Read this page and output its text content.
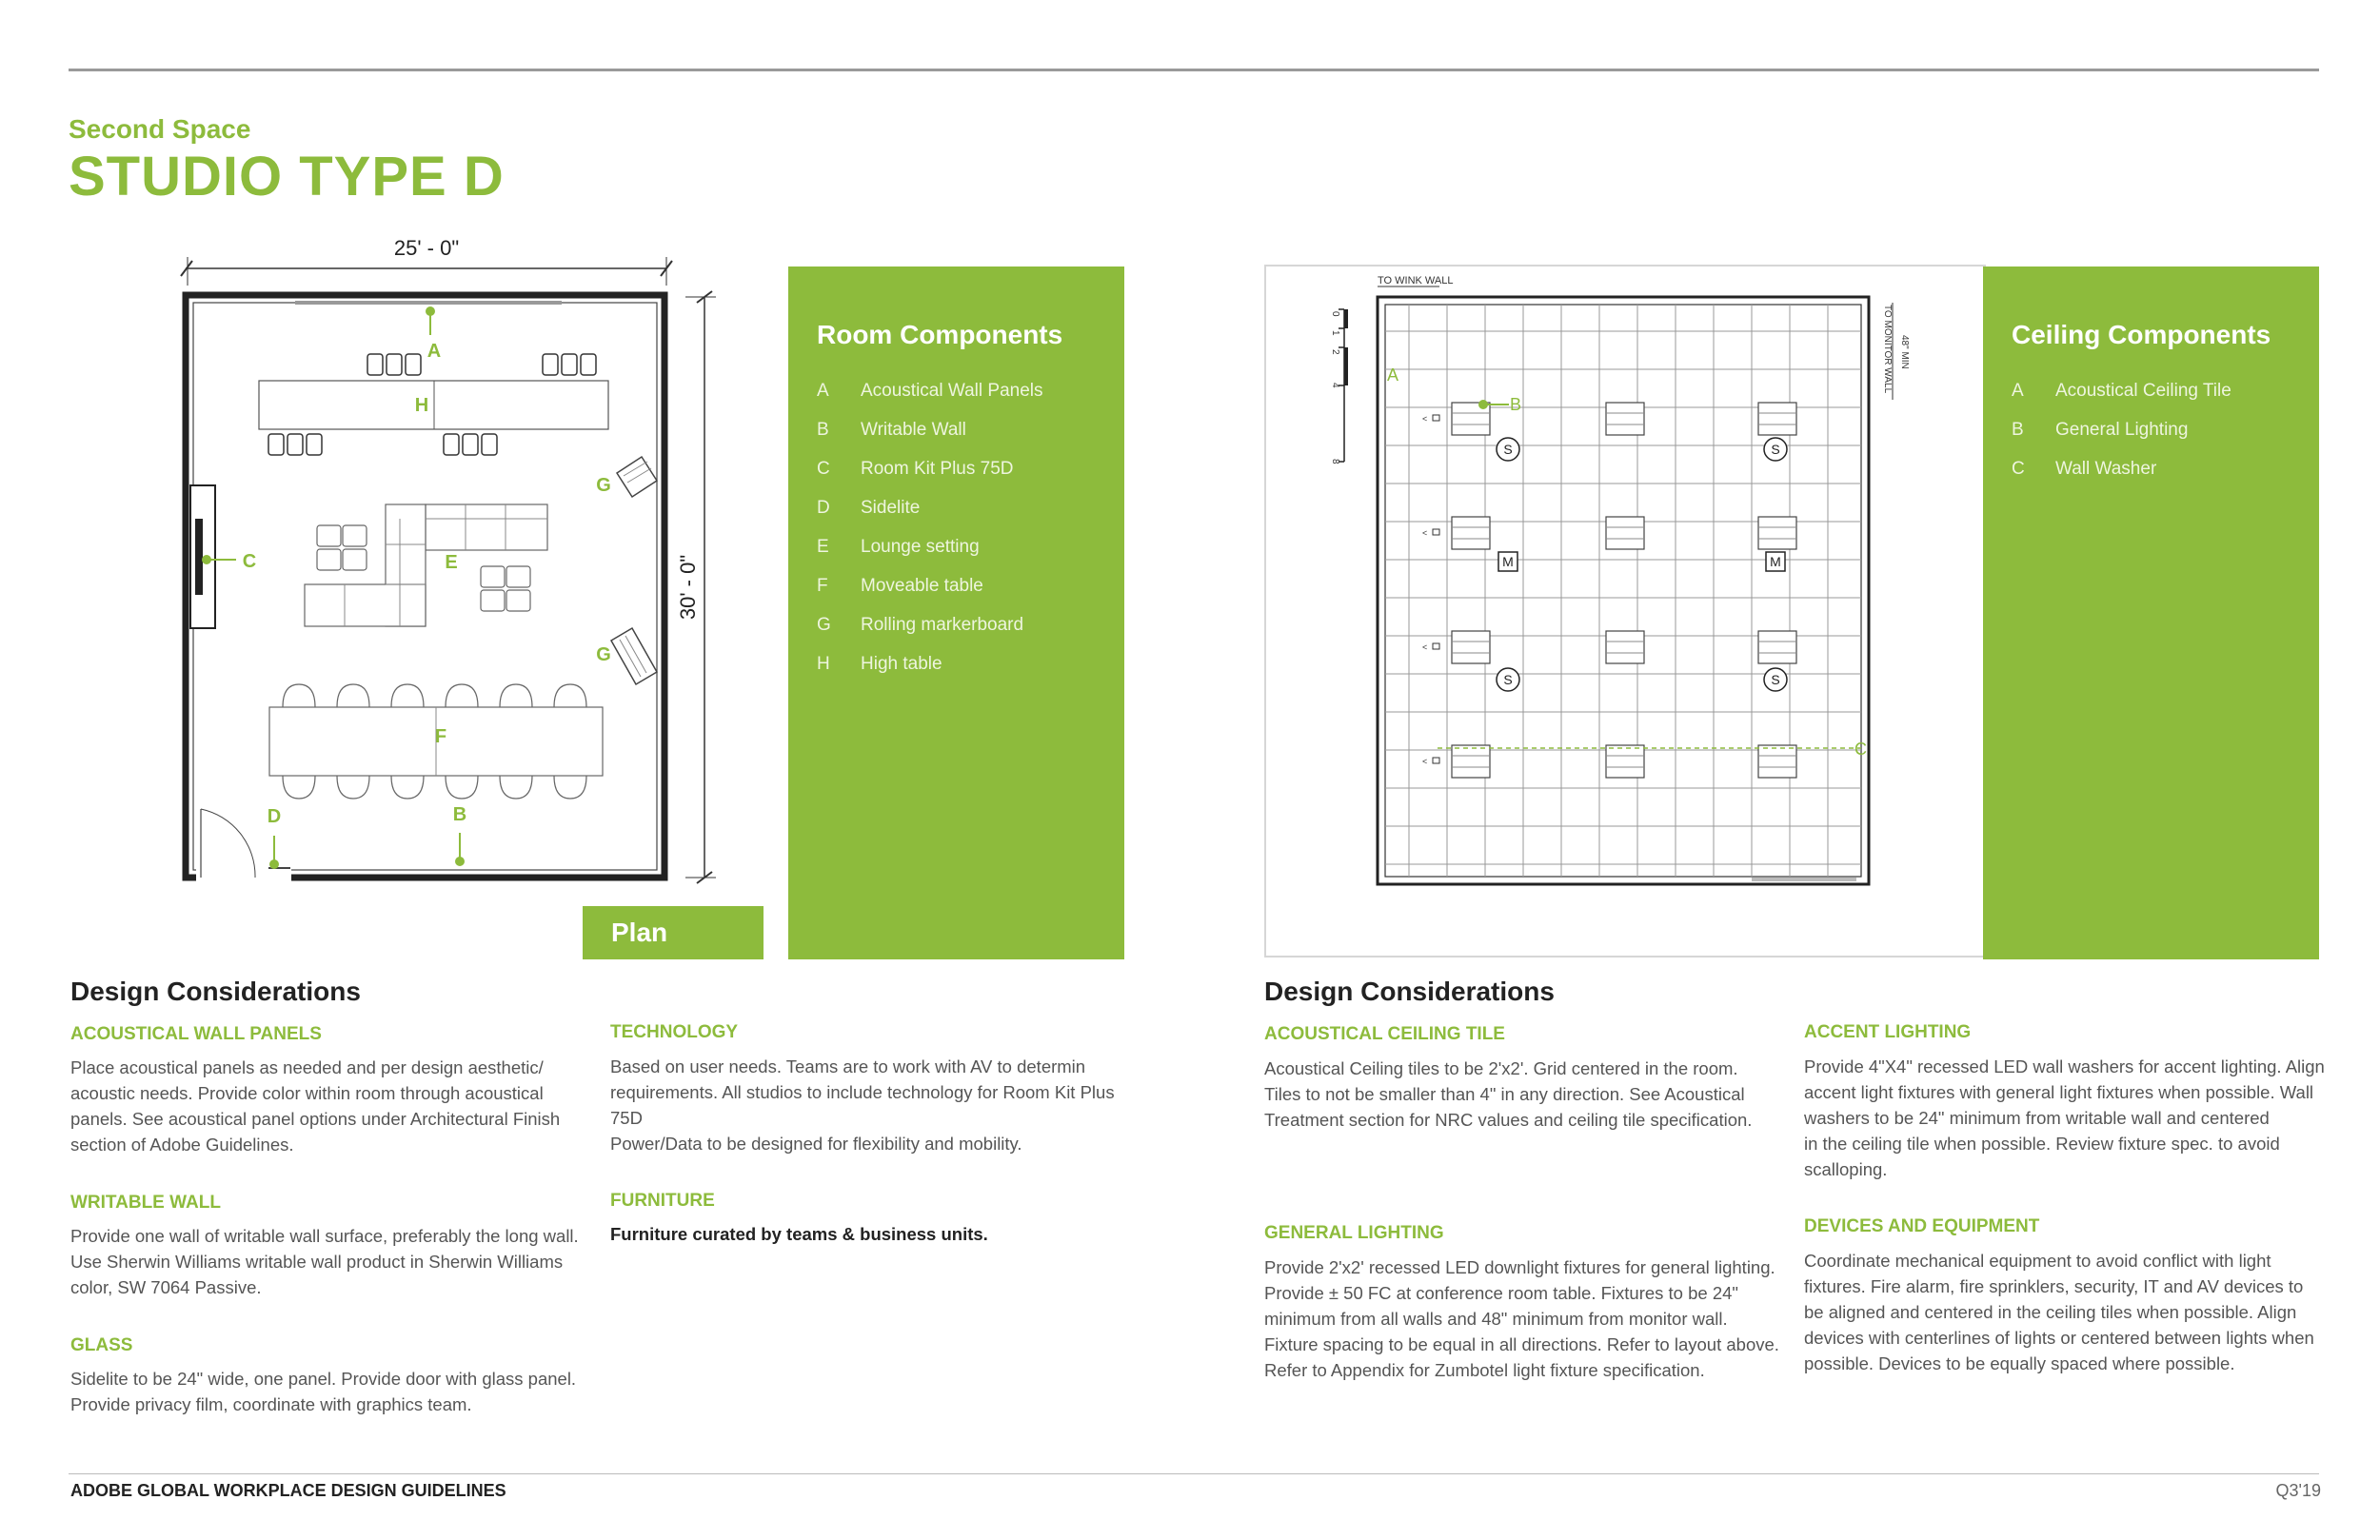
Second Space
STUDIO TYPE D
25' - 0"
30' - 0"
A
B
C
D
E
F
G
G
H
Plan
Room Components
A Acoustical Wall Panels
B Writable Wall
C Room Kit Plus 75D
D Sidelite
E Lounge setting
F Moveable table
G Rolling markerboard
H High table
TO WINK WALL
0
1
2
4
8
<
<
<
<
S	S
S	S
M	M
TO MONITOR WALL 48" MIN
A
B
C
Ceiling Components
A Acoustical Ceiling Tile
B General Lighting
C Wall Washer
Design Considerations
ACOUSTICAL WALL PANELS
Place acoustical panels as needed and per design aesthetic/
acoustic needs. Provide color within room through acoustical
panels. See acoustical panel options under Architectural Finish
section of Adobe Guidelines.
WRITABLE WALL
Provide one wall of writable wall surface, preferably the long wall.
Use Sherwin Williams writable wall product in Sherwin Williams
color, SW 7064 Passive.
GLASS
Sidelite to be 24" wide, one panel. Provide door with glass panel.
Provide privacy film, coordinate with graphics team.
TECHNOLOGY
Based on user needs. Teams are to work with AV to determin
requirements. All studios to include technology for Room Kit Plus
75D
Power/Data to be designed for flexibility and mobility.
FURNITURE
Furniture curated by teams & business units.
Design Considerations
ACOUSTICAL CEILING TILE
Acoustical Ceiling tiles to be 2'x2'. Grid centered in the room.
Tiles to not be smaller than 4" in any direction. See Acoustical
Treatment section for NRC values and ceiling tile specification.
GENERAL LIGHTING
Provide 2'x2' recessed LED downlight fixtures for general lighting.
Provide ± 50 FC at conference room table. Fixtures to be 24"
minimum from all walls and 48" minimum from monitor wall.
Fixture spacing to be equal in all directions. Refer to layout above.
Refer to Appendix for Zumbotel light fixture specification.
ACCENT LIGHTING
Provide 4"X4" recessed LED wall washers for accent lighting. Align
accent light fixtures with general light fixtures when possible. Wall
washers to be 24" minimum from writable wall and centered
in the ceiling tile when possible. Review fixture spec. to avoid
scalloping.
DEVICES AND EQUIPMENT
Coordinate mechanical equipment to avoid conflict with light
fixtures. Fire alarm, fire sprinklers, security, IT and AV devices to
be aligned and centered in the ceiling tiles when possible. Align
devices with centerlines of lights or centered between lights when
possible. Devices to be equally spaced where possible.
ADOBE GLOBAL WORKPLACE DESIGN GUIDELINES	Q3'19
